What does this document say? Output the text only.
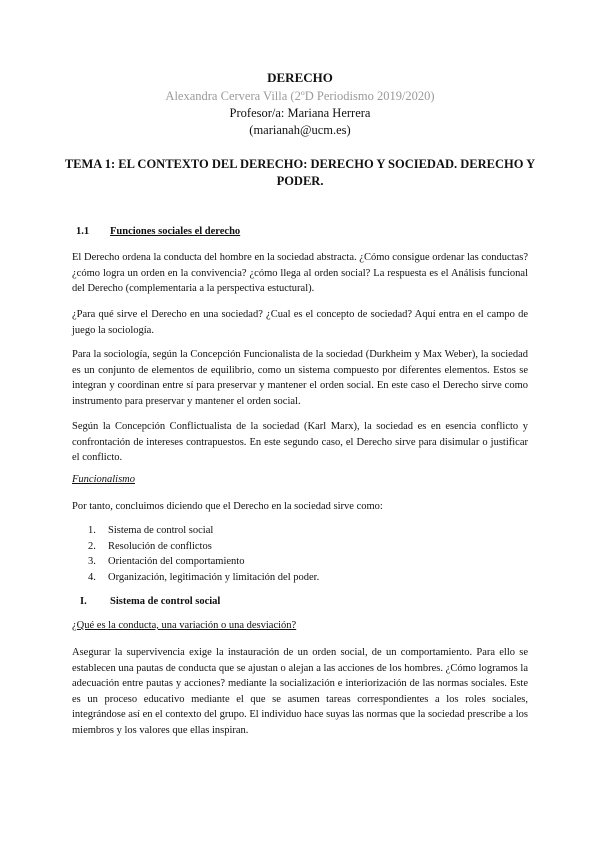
DERECHO
Alexandra Cervera Villa (2ºD Periodismo 2019/2020)
Profesor/a: Mariana Herrera
(marianah@ucm.es)
TEMA 1: EL CONTEXTO DEL DERECHO: DERECHO Y SOCIEDAD. DERECHO Y PODER.
1.1 Funciones sociales el derecho
El Derecho ordena la conducta del hombre en la sociedad abstracta. ¿Cómo consigue ordenar las conductas? ¿cómo logra un orden en la convivencia? ¿cómo llega al orden social? La respuesta es el Análisis funcional del Derecho (complementaria a la perspectiva estuctural).
¿Para qué sirve el Derecho en una sociedad? ¿Cual es el concepto de sociedad? Aquí entra en el campo de juego la sociología.
Para la sociología, según la Concepción Funcionalista de la sociedad (Durkheim y Max Weber), la sociedad es un conjunto de elementos de equilibrio, como un sistema compuesto por diferentes elementos. Estos se integran y coordinan entre sí para preservar y mantener el orden social. En este caso el Derecho sirve como instrumento para preservar y mantener el orden social.
Según la Concepción Conflictualista de la sociedad (Karl Marx), la sociedad es en esencia conflicto y confrontación de intereses contrapuestos. En este segundo caso, el Derecho sirve para disimular o justificar el conflicto.
Funcionalismo
Por tanto, concluimos diciendo que el Derecho en la sociedad sirve como:
1. Sistema de control social
2. Resolución de conflictos
3. Orientación del comportamiento
4. Organización, legitimación y limitación del poder.
I. Sistema de control social
¿Qué es la conducta, una variación o una desviación?
Asegurar la supervivencia exige la instauración de un orden social, de un comportamiento. Para ello se establecen una pautas de conducta que se ajustan o alejan a las acciones de los hombres. ¿Cómo logramos la adecuación entre pautas y acciones? mediante la socialización e interiorización de las normas sociales. Este es un proceso educativo mediante el que se asumen tareas correspondientes a los roles sociales, integrándose así en el contexto del grupo. El individuo hace suyas las normas que la sociedad prescribe a los miembros y los valores que ellas inspiran.
